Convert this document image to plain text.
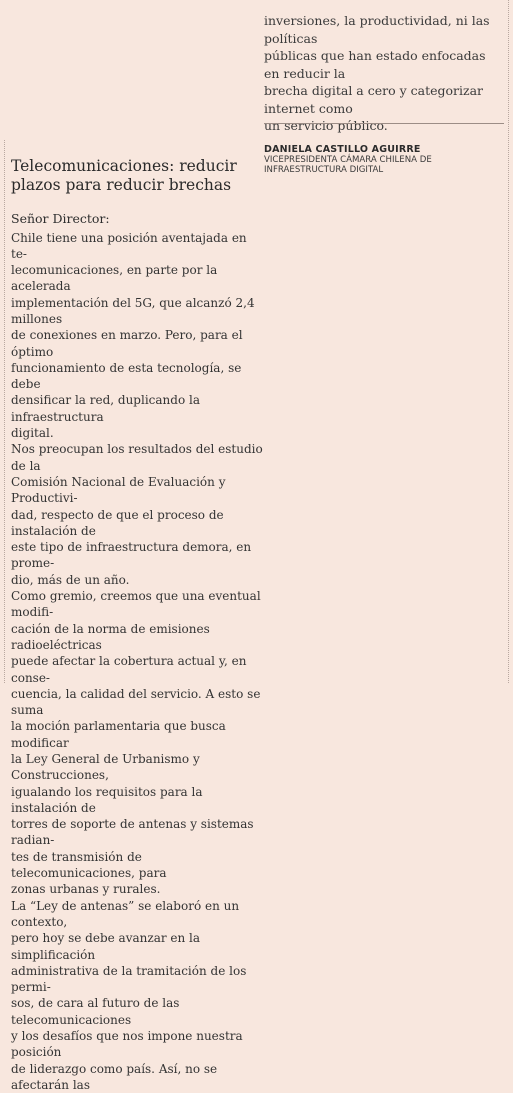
inversiones, la productividad, ni las políticas
públicas que han estado enfocadas en reducir la
brecha digital a cero y categorizar internet como
un servicio público.

DANIELA CASTILLO AGUIRRE
VICEPRESIDENTA CÁMARA CHILENA DE
INFRAESTRUCTURA DIGITAL
Telecomunicaciones: reducir
plazos para reducir brechas
Señor Director:

Chile tiene una posición aventajada en te-
lecomunicaciones, en parte por la acelerada
implementación del 5G, que alcanzó 2,4 millones
de conexiones en marzo. Pero, para el óptimo
funcionamiento de esta tecnología, se debe
densificar la red, duplicando la infraestructura
digital.

Nos preocupan los resultados del estudio de la
Comisión Nacional de Evaluación y Productivi-
dad, respecto de que el proceso de instalación de
este tipo de infraestructura demora, en prome-
dio, más de un año.

Como gremio, creemos que una eventual modifi-
cación de la norma de emisiones radioeléctricas
puede afectar la cobertura actual y, en conse-
cuencia, la calidad del servicio. A esto se suma
la moción parlamentaria que busca modificar
la Ley General de Urbanismo y Construcciones,
igualando los requisitos para la instalación de
torres de soporte de antenas y sistemas radian-
tes de transmisión de telecomunicaciones, para
zonas urbanas y rurales.

La “Ley de antenas” se elaboró en un contexto,
pero hoy se debe avanzar en la simplificación
administrativa de la tramitación de los permi-
sos, de cara al futuro de las telecomunicaciones
y los desafíos que nos impone nuestra posición
de liderazgo como país. Así, no se afectarán las
